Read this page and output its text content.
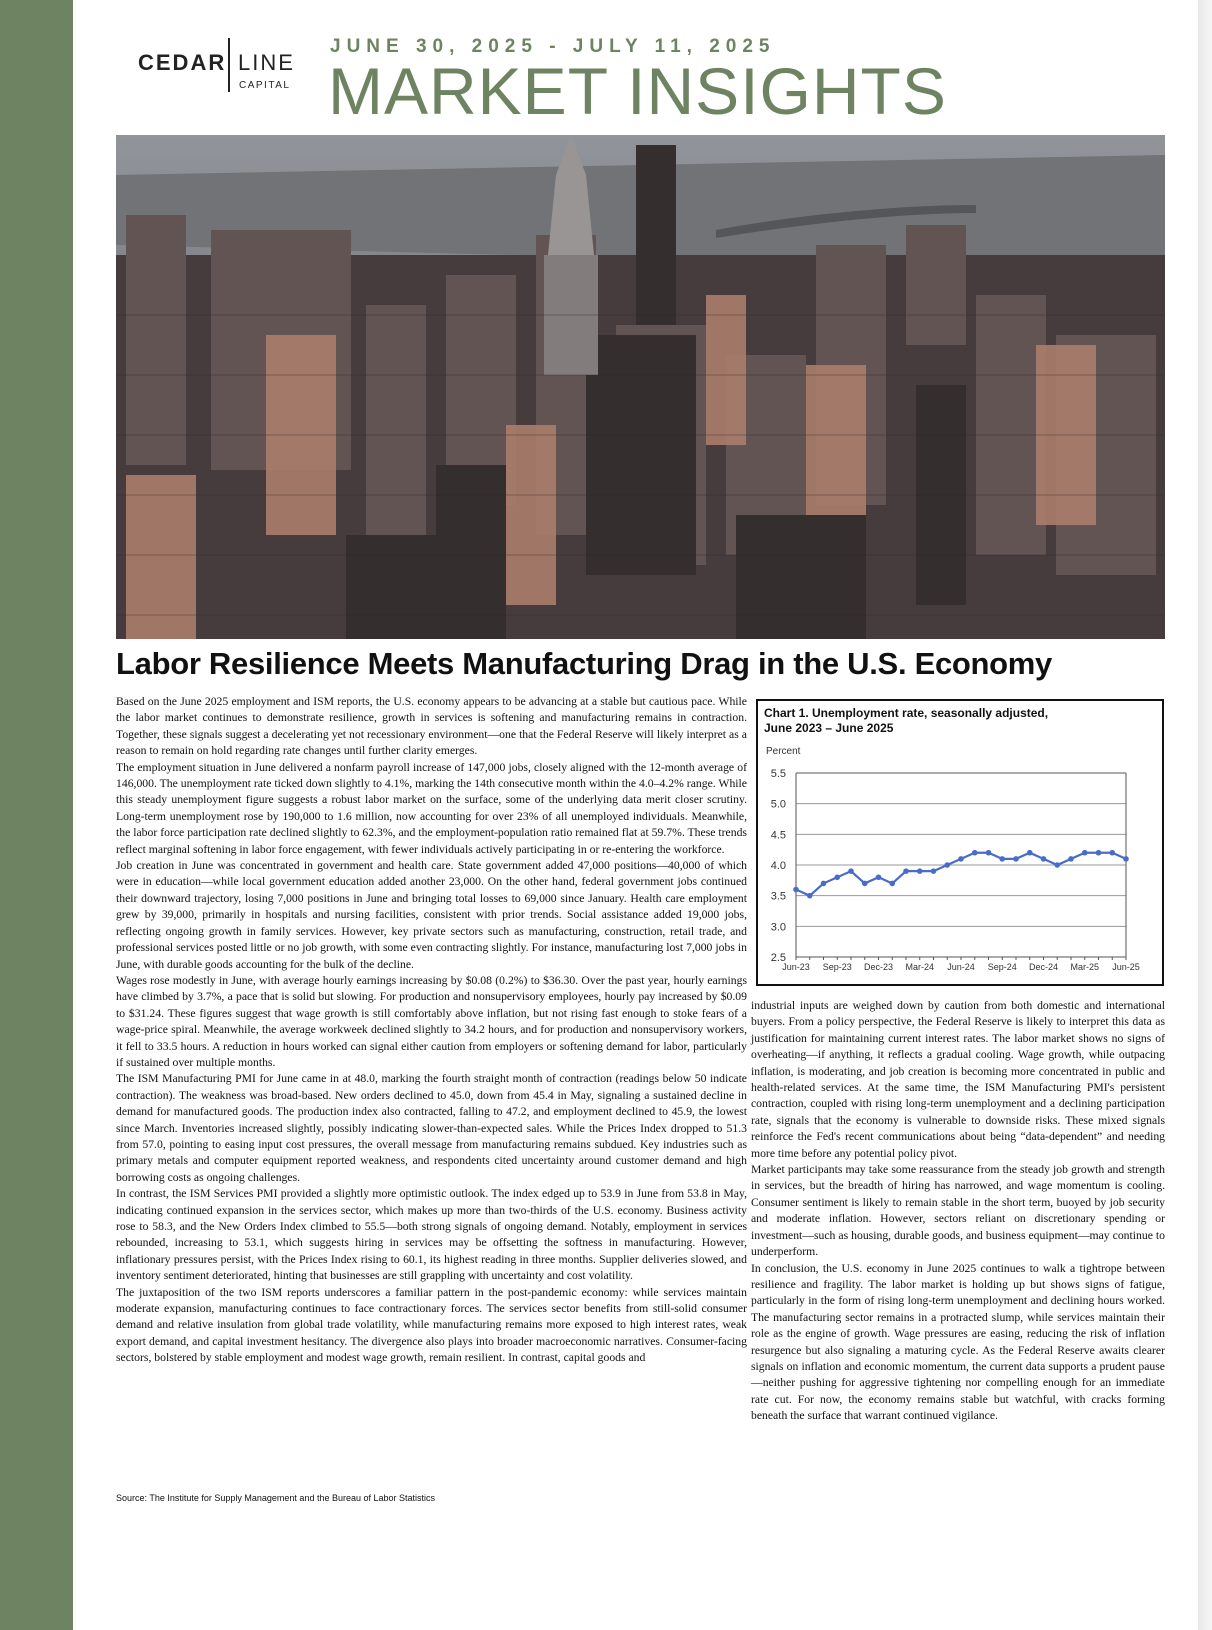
CEDAR LINE
CAPITAL
JUNE 30, 2025 - JULY 11, 2025
MARKET INSIGHTS
Labor Resilience Meets Manufacturing Drag in the U.S. Economy

Based on the June 2025 employment and ISM reports, the U.S. economy appears to be advancing at a stable but cautious pace. While the labor market continues to demonstrate resilience, growth in services is softening and manufacturing remains in contraction. Together, these signals suggest a decelerating yet not recessionary environment—one that the Federal Reserve will likely interpret as a reason to remain on hold regarding rate changes until further clarity emerges.

The employment situation in June delivered a nonfarm payroll increase of 147,000 jobs, closely aligned with the 12-month average of 146,000. The unemployment rate ticked down slightly to 4.1%, marking the 14th consecutive month within the 4.0–4.2% range. While this steady unemployment figure suggests a robust labor market on the surface, some of the underlying data merit closer scrutiny. Long-term unemployment rose by 190,000 to 1.6 million, now accounting for over 23% of all unemployed individuals. Meanwhile, the labor force participation rate declined slightly to 62.3%, and the employment-population ratio remained flat at 59.7%. These trends reflect marginal softening in labor force engagement, with fewer individuals actively participating in or re-entering the workforce.

Job creation in June was concentrated in government and health care. State government added 47,000 positions—40,000 of which were in education—while local government education added another 23,000. On the other hand, federal government jobs continued their downward trajectory, losing 7,000 positions in June and bringing total losses to 69,000 since January. Health care employment grew by 39,000, primarily in hospitals and nursing facilities, consistent with prior trends. Social assistance added 19,000 jobs, reflecting ongoing growth in family services. However, key private sectors such as manufacturing, construction, retail trade, and professional services posted little or no job growth, with some even contracting slightly. For instance, manufacturing lost 7,000 jobs in June, with durable goods accounting for the bulk of the decline.

Wages rose modestly in June, with average hourly earnings increasing by $0.08 (0.2%) to $36.30. Over the past year, hourly earnings have climbed by 3.7%, a pace that is solid but slowing. For production and nonsupervisory employees, hourly pay increased by $0.09 to $31.24. These figures suggest that wage growth is still comfortably above inflation, but not rising fast enough to stoke fears of a wage-price spiral. Meanwhile, the average workweek declined slightly to 34.2 hours, and for production and nonsupervisory workers, it fell to 33.5 hours. A reduction in hours worked can signal either caution from employers or softening demand for labor, particularly if sustained over multiple months.

The ISM Manufacturing PMI for June came in at 48.0, marking the fourth straight month of contraction (readings below 50 indicate contraction). The weakness was broad-based. New orders declined to 45.0, down from 45.4 in May, signaling a sustained decline in demand for manufactured goods. The production index also contracted, falling to 47.2, and employment declined to 45.9, the lowest since March. Inventories increased slightly, possibly indicating slower-than-expected sales. While the Prices Index dropped to 51.3 from 57.0, pointing to easing input cost pressures, the overall message from manufacturing remains subdued. Key industries such as primary metals and computer equipment reported weakness, and respondents cited uncertainty around customer demand and high borrowing costs as ongoing challenges.

In contrast, the ISM Services PMI provided a slightly more optimistic outlook. The index edged up to 53.9 in June from 53.8 in May, indicating continued expansion in the services sector, which makes up more than two-thirds of the U.S. economy. Business activity rose to 58.3, and the New Orders Index climbed to 55.5—both strong signals of ongoing demand. Notably, employment in services rebounded, increasing to 53.1, which suggests hiring in services may be offsetting the softness in manufacturing. However, inflationary pressures persist, with the Prices Index rising to 60.1, its highest reading in three months. Supplier deliveries slowed, and inventory sentiment deteriorated, hinting that businesses are still grappling with uncertainty and cost volatility.

The juxtaposition of the two ISM reports underscores a familiar pattern in the post-pandemic economy: while services maintain moderate expansion, manufacturing continues to face contractionary forces. The services sector benefits from still-solid consumer demand and relative insulation from global trade volatility, while manufacturing remains more exposed to high interest rates, weak export demand, and capital investment hesitancy. The divergence also plays into broader macroeconomic narratives. Consumer-facing sectors, bolstered by stable employment and modest wage growth, remain resilient. In contrast, capital goods and

Source: The Institute for Supply Management and the Bureau of Labor Statistics
Chart 1. Unemployment rate, seasonally adjusted,
June 2023 – June 2025
Percent
5.5
5.0
4.5
4.0
3.5
3.0
2.5
Jun-23 Sep-23 Dec-23 Mar-24 Jun-24 Sep-24 Dec-24 Mar-25 Jun-25

industrial inputs are weighed down by caution from both domestic and international buyers. From a policy perspective, the Federal Reserve is likely to interpret this data as justification for maintaining current interest rates. The labor market shows no signs of overheating—if anything, it reflects a gradual cooling. Wage growth, while outpacing inflation, is moderating, and job creation is becoming more concentrated in public and health-related services. At the same time, the ISM Manufacturing PMI's persistent contraction, coupled with rising long-term unemployment and a declining participation rate, signals that the economy is vulnerable to downside risks. These mixed signals reinforce the Fed's recent communications about being “data-dependent” and needing more time before any potential policy pivot.

Market participants may take some reassurance from the steady job growth and strength in services, but the breadth of hiring has narrowed, and wage momentum is cooling. Consumer sentiment is likely to remain stable in the short term, buoyed by job security and moderate inflation. However, sectors reliant on discretionary spending or investment—such as housing, durable goods, and business equipment—may continue to underperform.

In conclusion, the U.S. economy in June 2025 continues to walk a tightrope between resilience and fragility. The labor market is holding up but shows signs of fatigue, particularly in the form of rising long-term unemployment and declining hours worked. The manufacturing sector remains in a protracted slump, while services maintain their role as the engine of growth. Wage pressures are easing, reducing the risk of inflation resurgence but also signaling a maturing cycle. As the Federal Reserve awaits clearer signals on inflation and economic momentum, the current data supports a prudent pause—neither pushing for aggressive tightening nor compelling enough for an immediate rate cut. For now, the economy remains stable but watchful, with cracks forming beneath the surface that warrant continued vigilance.
